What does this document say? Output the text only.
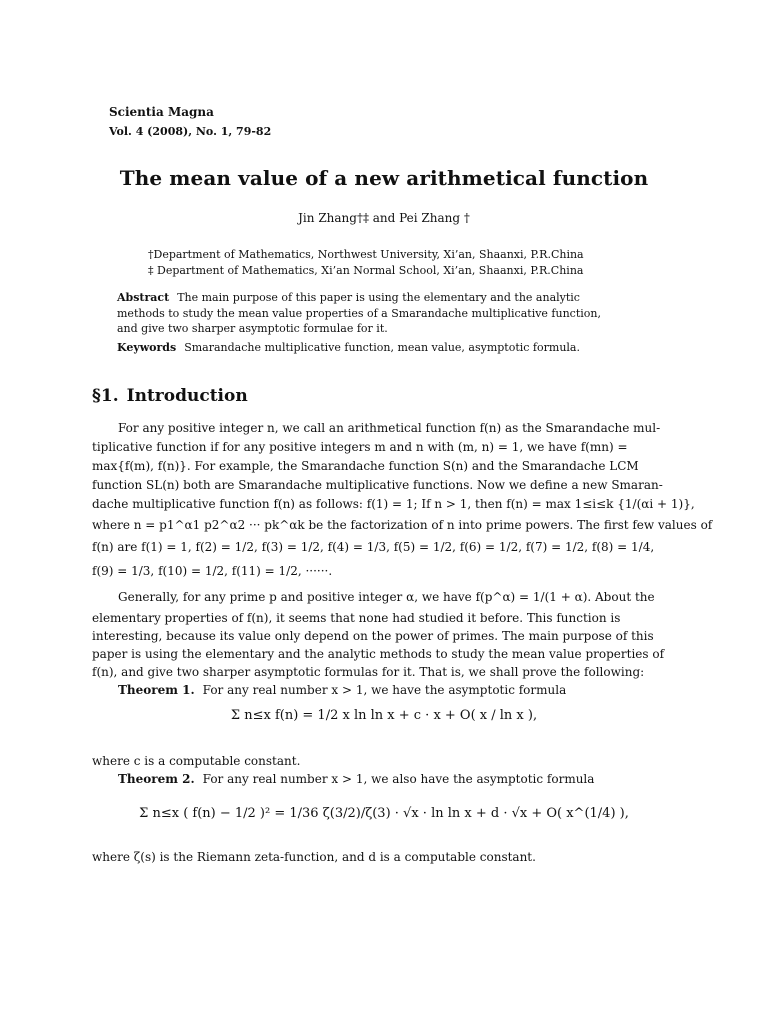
Scientia Magna
Vol. 4 (2008), No. 1, 79-82
The mean value of a new arithmetical function
Jin Zhang†‡ and Pei Zhang †
†Department of Mathematics, Northwest University, Xi’an, Shaanxi, P.R.China
‡ Department of Mathematics, Xi’an Normal School, Xi’an, Shaanxi, P.R.China
Abstract The main purpose of this paper is using the elementary and the analytic methods to study the mean value properties of a Smarandache multiplicative function, and give two sharper asymptotic formulae for it.
Keywords Smarandache multiplicative function, mean value, asymptotic formula.
§1. Introduction
For any positive integer n, we call an arithmetical function f(n) as the Smarandache mul-
tiplicative function if for any positive integers m and n with (m, n) = 1, we have f(mn) =
max{f(m), f(n)}. For example, the Smarandache function S(n) and the Smarandache LCM
function SL(n) both are Smarandache multiplicative functions. Now we define a new Smaran-
dache multiplicative function f(n) as follows: f(1) = 1; If n > 1, then f(n) = max 1≤i≤k {1/(αi + 1)},
where n = p1^α1 p2^α2 ··· pk^αk be the factorization of n into prime powers. The first few values of
f(n) are f(1) = 1, f(2) = 1/2, f(3) = 1/2, f(4) = 1/3, f(5) = 1/2, f(6) = 1/2, f(7) = 1/2, f(8) = 1/4,
f(9) = 1/3, f(10) = 1/2, f(11) = 1/2, ······.
Generally, for any prime p and positive integer α, we have f(p^α) = 1/(1 + α). About the
elementary properties of f(n), it seems that none had studied it before. This function is
interesting, because its value only depend on the power of primes. The main purpose of this
paper is using the elementary and the analytic methods to study the mean value properties of
f(n), and give two sharper asymptotic formulas for it. That is, we shall prove the following:
Theorem 1. For any real number x > 1, we have the asymptotic formula
Σ n≤x f(n) = 1/2 x ln ln x + c · x + O( x / ln x ),
where c is a computable constant.
Theorem 2. For any real number x > 1, we also have the asymptotic formula
Σ n≤x ( f(n) − 1/2 )² = 1/36 ζ(3/2)/ζ(3) · √x · ln ln x + d · √x + O( x^(1/4) ),
where ζ(s) is the Riemann zeta-function, and d is a computable constant.
